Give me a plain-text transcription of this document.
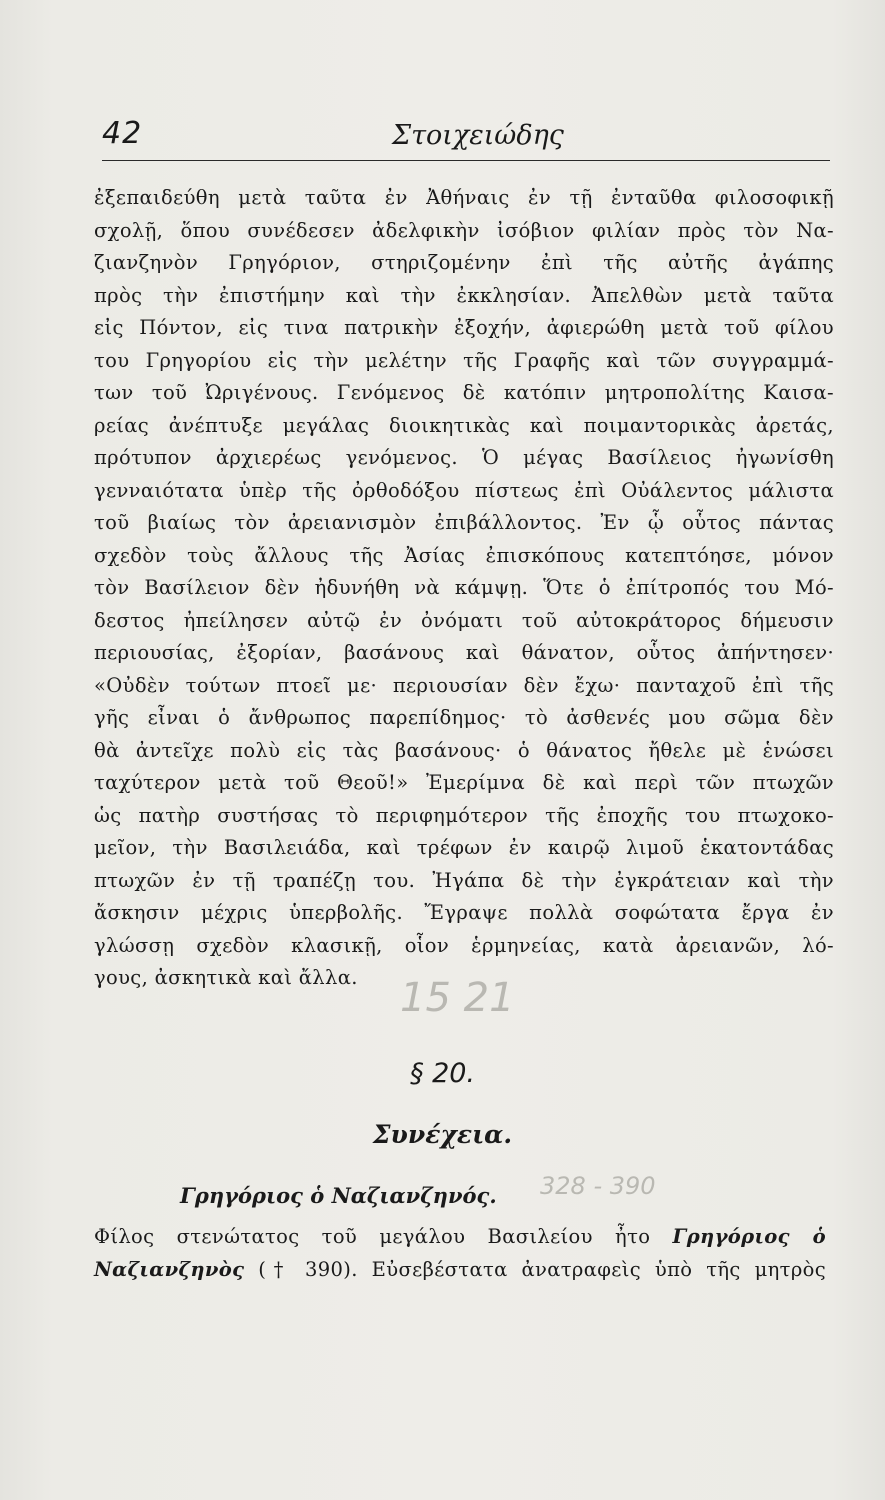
42	Στοιχειώδης
ἐξεπαιδεύθη μετὰ ταῦτα ἐν Ἀθήναις ἐν τῇ ἐνταῦθα φιλοσοφικῇ
σχολῇ, ὅπου συνέδεσεν ἀδελφικὴν ἰσόβιον φιλίαν πρὸς τὸν Να-
ζιανζηνὸν Γρηγόριον, στηριζομένην ἐπὶ τῆς αὐτῆς ἀγάπης
πρὸς τὴν ἐπιστήμην καὶ τὴν ἐκκλησίαν. Ἀπελθὼν μετὰ ταῦτα
εἰς Πόντον, εἰς τινα πατρικὴν ἐξοχήν, ἀφιερώθη μετὰ τοῦ φίλου
του Γρηγορίου εἰς τὴν μελέτην τῆς Γραφῆς καὶ τῶν συγγραμμά-
των τοῦ Ὠριγένους. Γενόμενος δὲ κατόπιν μητροπολίτης Καισα-
ρείας ἀνέπτυξε μεγάλας διοικητικὰς καὶ ποιμαντορικὰς ἀρετάς,
πρότυπον ἀρχιερέως γενόμενος. Ὁ μέγας Βασίλειος ἠγωνίσθη
γενναιότατα ὑπὲρ τῆς ὀρθοδόξου πίστεως ἐπὶ Οὐάλεντος μάλιστα
τοῦ βιαίως τὸν ἀρειανισμὸν ἐπιβάλλοντος. Ἐν ᾧ οὗτος πάντας
σχεδὸν τοὺς ἄλλους τῆς Ἀσίας ἐπισκόπους κατεπτόησε, μόνον
τὸν Βασίλειον δὲν ἠδυνήθη νὰ κάμψῃ. Ὅτε ὁ ἐπίτροπός του Μό-
δεστος ἠπείλησεν αὐτῷ ἐν ὀνόματι τοῦ αὐτοκράτορος δήμευσιν
περιουσίας, ἐξορίαν, βασάνους καὶ θάνατον, οὗτος ἀπήντησεν·
«Οὐδὲν τούτων πτοεῖ με· περιουσίαν δὲν ἔχω· πανταχοῦ ἐπὶ τῆς
γῆς εἶναι ὁ ἄνθρωπος παρεπίδημος· τὸ ἀσθενές μου σῶμα δὲν
θὰ ἀντεῖχε πολὺ εἰς τὰς βασάνους· ὁ θάνατος ἤθελε μὲ ἑνώσει
ταχύτερον μετὰ τοῦ Θεοῦ!» Ἐμερίμνα δὲ καὶ περὶ τῶν πτωχῶν
ὡς πατὴρ συστήσας τὸ περιφημότερον τῆς ἐποχῆς του πτωχοκο-
μεῖον, τὴν Βασιλειάδα, καὶ τρέφων ἐν καιρῷ λιμοῦ ἑκατοντάδας
πτωχῶν ἐν τῇ τραπέζῃ του. Ἠγάπα δὲ τὴν ἐγκράτειαν καὶ τὴν
ἄσκησιν μέχρις ὑπερβολῆς. Ἔγραψε πολλὰ σοφώτατα ἔργα ἐν
γλώσσῃ σχεδὸν κλασικῇ, οἷον ἑρμηνείας, κατὰ ἀρειανῶν, λό-
γους, ἀσκητικὰ καὶ ἄλλα.	15 21
§ 20.
Συνέχεια.
Γρηγόριος ὁ Ναζιανζηνός. 328 - 390
Φίλος στενώτατος τοῦ μεγάλου Βασιλείου ἦτο Γρηγόριος ὁ
Ναζιανζηνὸς († 390). Εὐσεβέστατα ἀνατραφεὶς ὑπὸ τῆς μητρὸς
